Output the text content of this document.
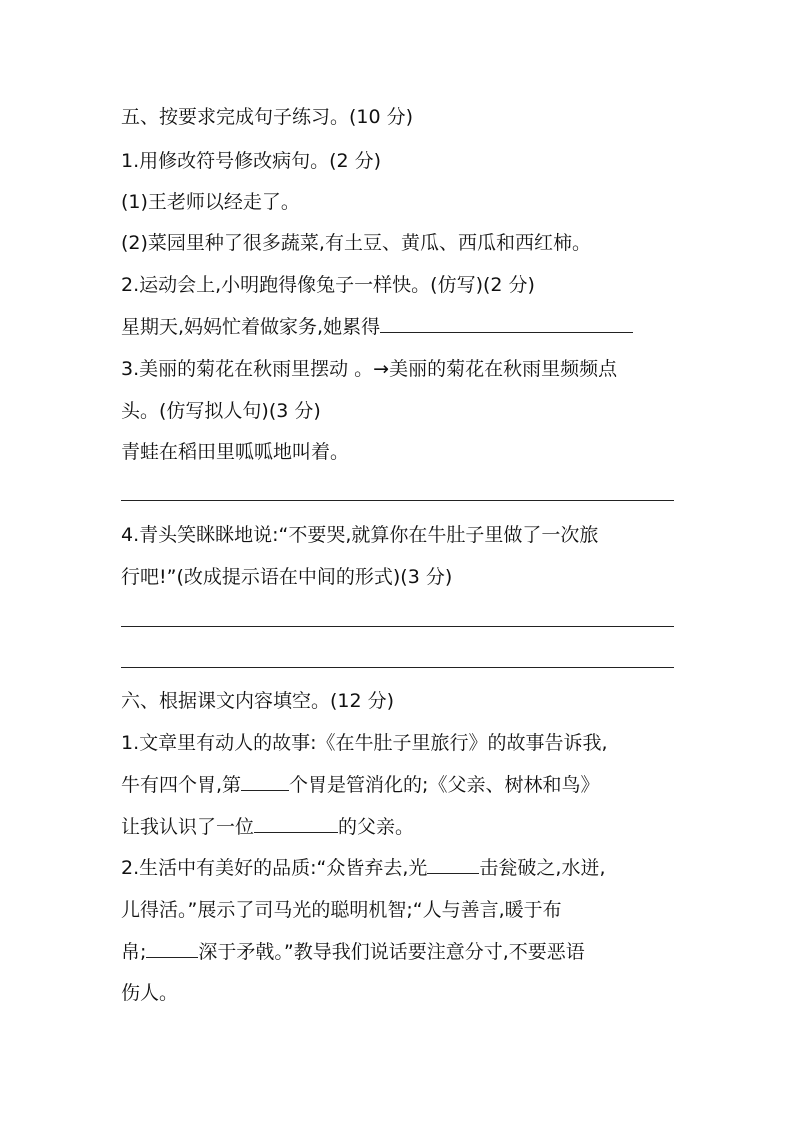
五、按要求完成句子练习。(10 分)
1.用修改符号修改病句。(2 分)
(1)王老师以经走了。
(2)菜园里种了很多蔬菜,有土豆、黄瓜、西瓜和西红柿。
2.运动会上,小明跑得像兔子一样快。(仿写)(2 分)
星期天,妈妈忙着做家务,她累得
3.美丽的菊花在秋雨里摆动 。→美丽的菊花在秋雨里频频点
头。(仿写拟人句)(3 分)
青蛙在稻田里呱呱地叫着。
4.青头笑眯眯地说:“不要哭,就算你在牛肚子里做了一次旅
行吧!”(改成提示语在中间的形式)(3 分)
六、根据课文内容填空。(12 分)
1.文章里有动人的故事:《在牛肚子里旅行》的故事告诉我,
牛有四个胃,第	个胃是管消化的;《父亲、树林和鸟》
让我认识了一位	的父亲。
2.生活中有美好的品质:“众皆弃去,光	击瓮破之,水迸,
儿得活。”展示了司马光的聪明机智;“人与善言,暖于布
帛;	深于矛戟。”教导我们说话要注意分寸,不要恶语
伤人。
